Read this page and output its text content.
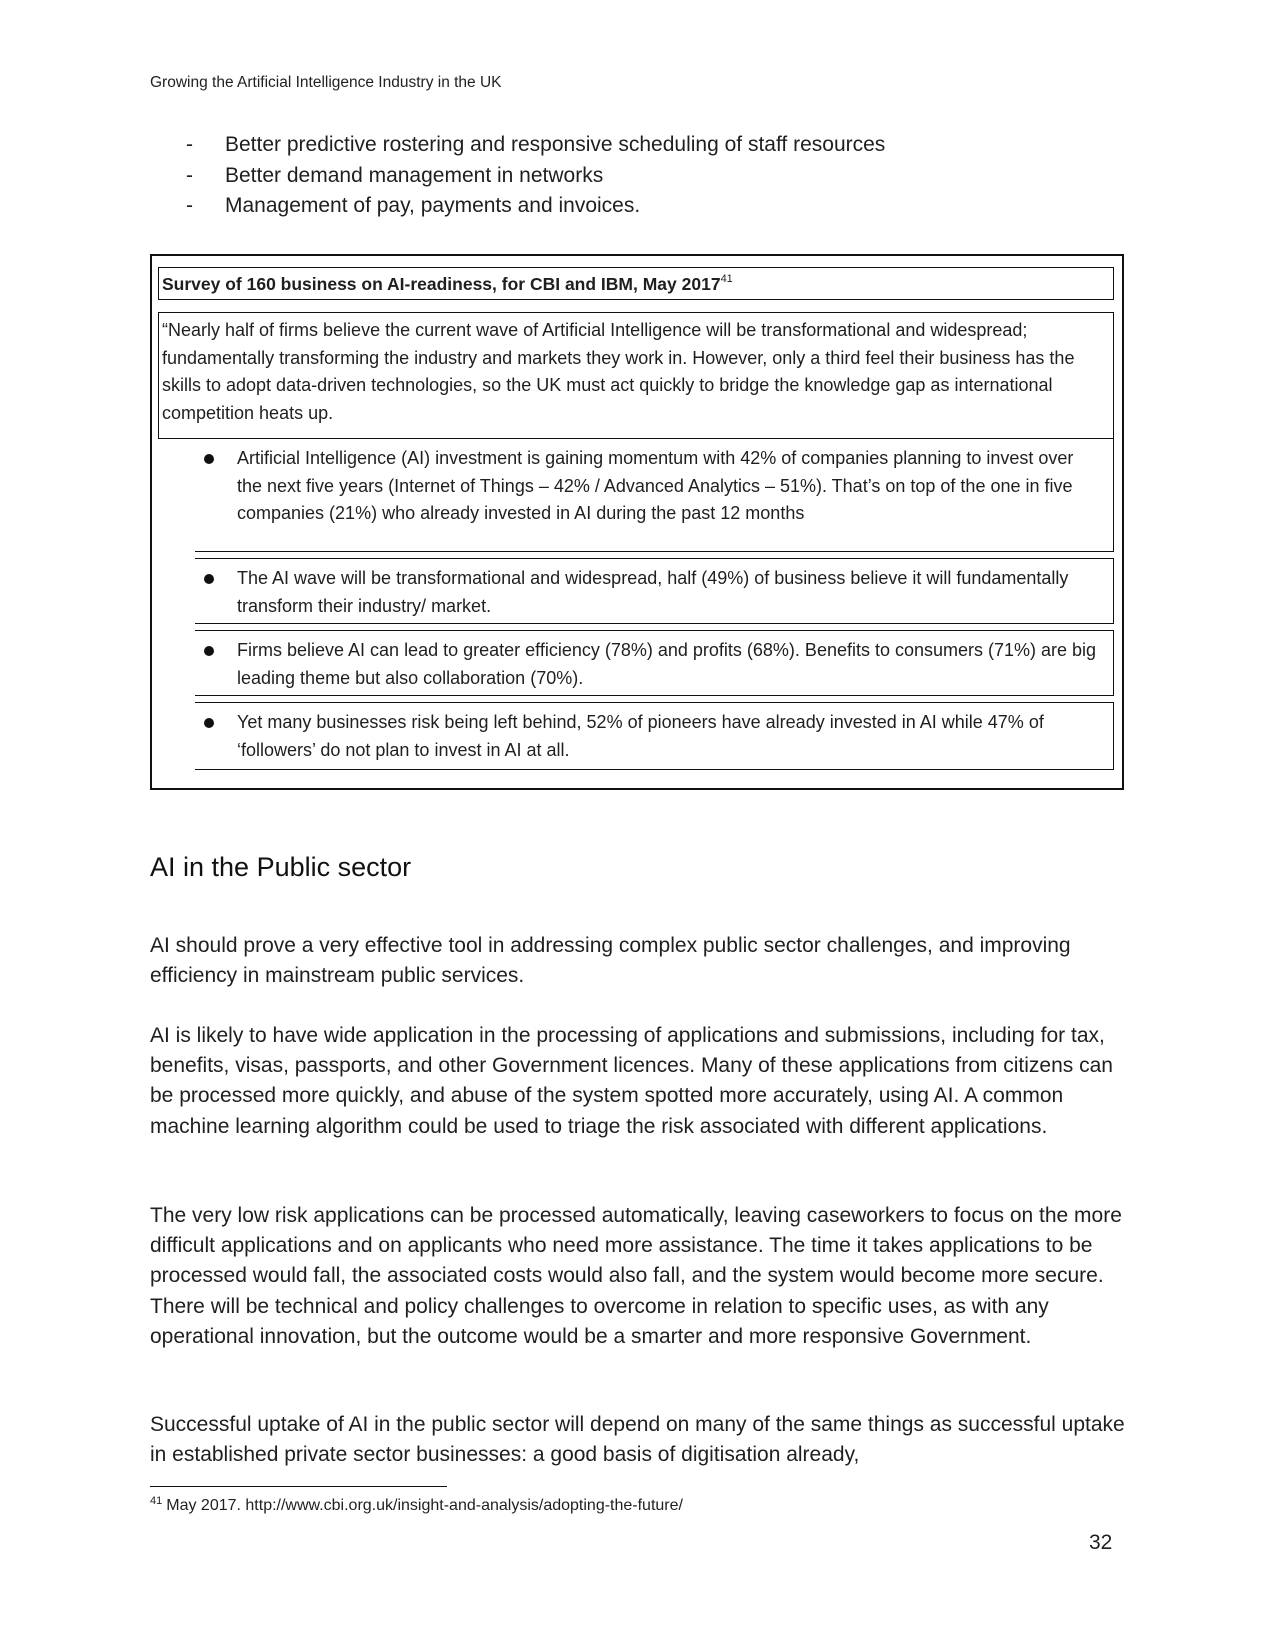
Growing the Artificial Intelligence Industry in the UK
- Better predictive rostering and responsive scheduling of staff resources
- Better demand management in networks
- Management of pay, payments and invoices.
Survey of 160 business on AI-readiness, for CBI and IBM, May 2017$^{41}$
“Nearly half of firms believe the current wave of Artificial Intelligence will be transformational and widespread; fundamentally transforming the industry and markets they work in. However, only a third feel their business has the skills to adopt data-driven technologies, so the UK must act quickly to bridge the knowledge gap as international competition heats up.
Artificial Intelligence (AI) investment is gaining momentum with 42% of companies planning to invest over the next five years (Internet of Things – 42% / Advanced Analytics – 51%). That’s on top of the one in five companies (21%) who already invested in AI during the past 12 months
The AI wave will be transformational and widespread, half (49%) of business believe it will fundamentally transform their industry/ market.
Firms believe AI can lead to greater efficiency (78%) and profits (68%). Benefits to consumers (71%) are big leading theme but also collaboration (70%).
Yet many businesses risk being left behind, 52% of pioneers have already invested in AI while 47% of ‘followers’ do not plan to invest in AI at all.
AI in the Public sector

AI should prove a very effective tool in addressing complex public sector challenges, and improving efficiency in mainstream public services.

AI is likely to have wide application in the processing of applications and submissions, including for tax, benefits, visas, passports, and other Government licences. Many of these applications from citizens can be processed more quickly, and abuse of the system spotted more accurately, using AI. A common machine learning algorithm could be used to triage the risk associated with different applications.

The very low risk applications can be processed automatically, leaving caseworkers to focus on the more difficult applications and on applicants who need more assistance. The time it takes applications to be processed would fall, the associated costs would also fall, and the system would become more secure. There will be technical and policy challenges to overcome in relation to specific uses, as with any operational innovation, but the outcome would be a smarter and more responsive Government.

Successful uptake of AI in the public sector will depend on many of the same things as successful uptake in established private sector businesses: a good basis of digitisation already,

$^{41}$ May 2017. http://www.cbi.org.uk/insight-and-analysis/adopting-the-future/
32
